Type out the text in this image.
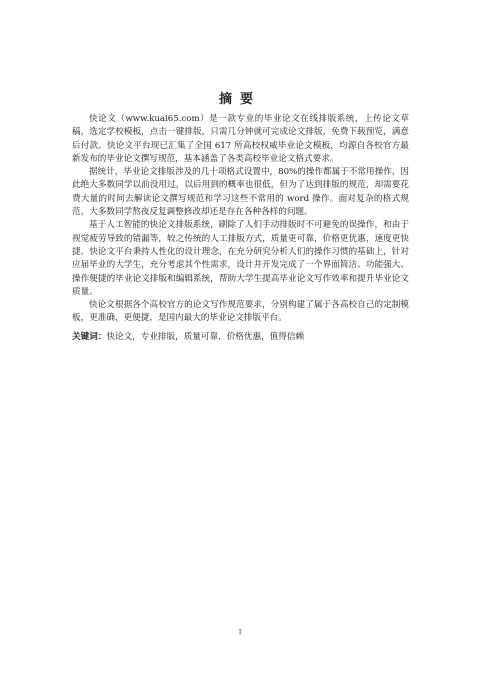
摘要

快论文（www.kuai65.com）是一款专业的毕业论文在线排版系统，上传论文草稿，选定学校模板，点击一键排版，只需几分钟就可完成论文排版，免费下载预览，满意后付款。快论文平台现已汇集了全国 617 所高校权威毕业论文模板，均源自各校官方最新发布的毕业论文撰写规范，基本涵盖了各类高校毕业论文格式要求。

据统计，毕业论文排版涉及的几十项格式设置中，80%的操作都属于不常用操作，因此绝大多数同学以前没用过，以后用到的概率也很低，但为了达到排版的规范，却需要花费大量的时间去解读论文撰写规范和学习这些不常用的 word 操作。面对复杂的格式规范，大多数同学熬夜反复调整修改却还是存在各种各样的问题。

基于人工智能的快论文排版系统，刷除了人们手动排版时不可避免的误操作，和由于视觉疲劳导致的错漏等，较之传统的人工排版方式，质量更可靠，价格更优惠，速度更快捷。快论文平台秉持人性化的设计理念，在充分研究分析人们的操作习惯的基础上，针对应届毕业的大学生，充分考虑其个性需求，设计并开发完成了一个界面简洁、功能强大、操作便捷的毕业论文排版和编辑系统，帮助大学生提高毕业论文写作效率和提升毕业论文质量。

快论文根据各个高校官方的论文写作规范要求，分别构建了属于各高校自己的定制模板，更准确，更便捷，是国内最大的毕业论文排版平台。

关键词：快论文，专业排版，质量可靠，价格优惠，值得信赖
I
